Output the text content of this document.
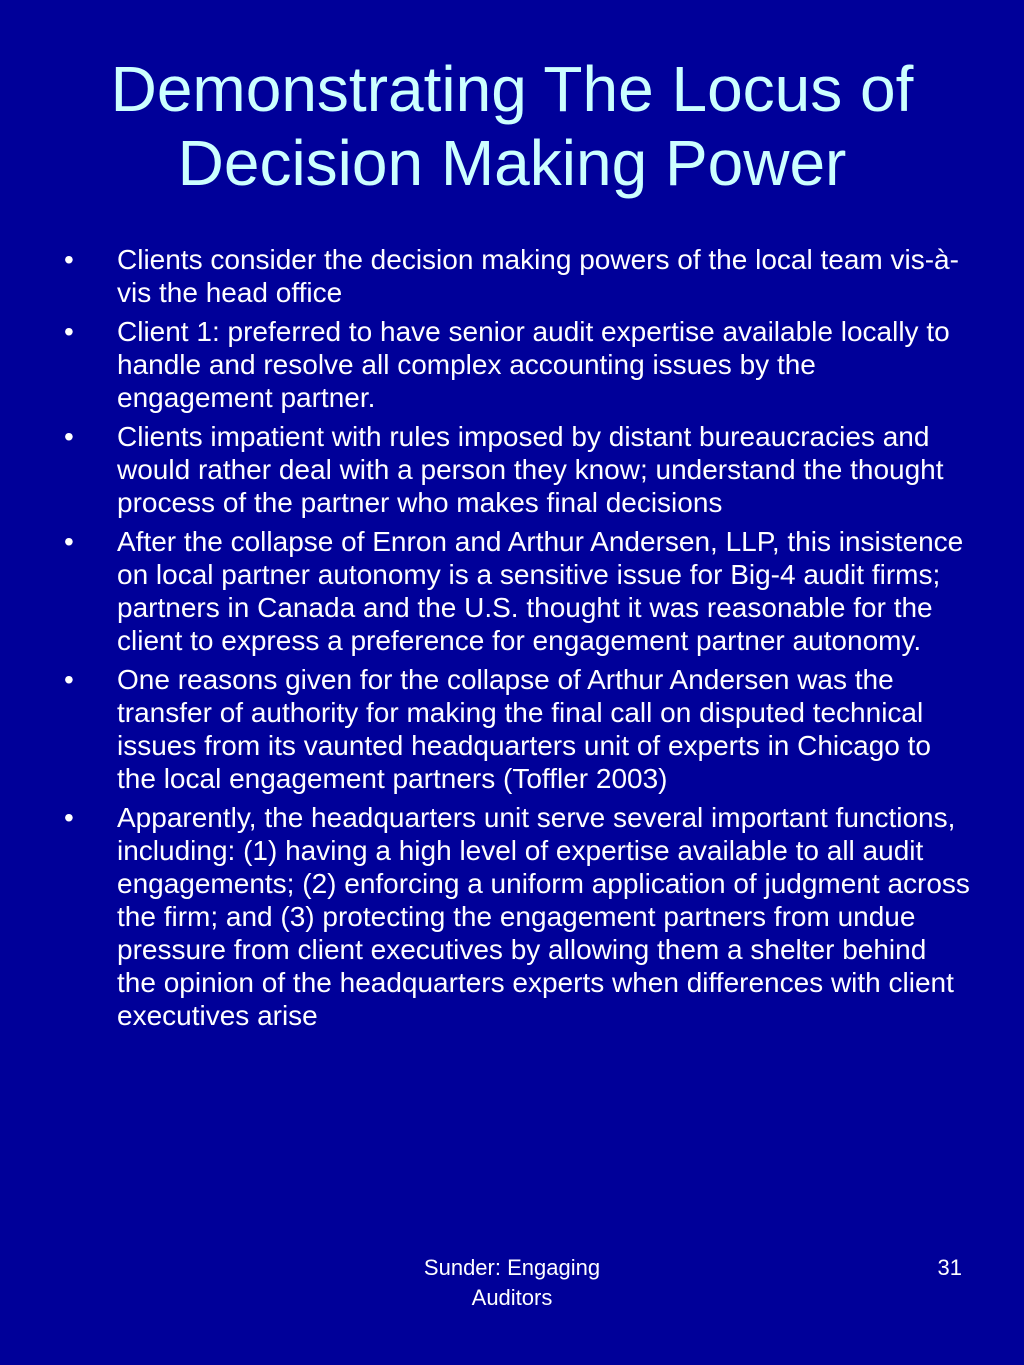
Demonstrating The Locus of Decision Making Power
• Clients consider the decision making powers of the local team vis-à-vis the head office
• Client 1: preferred to have senior audit expertise available locally to handle and resolve all complex accounting issues by the engagement partner.
• Clients impatient with rules imposed by distant bureaucracies and would rather deal with a person they know; understand the thought process of the partner who makes final decisions
• After the collapse of Enron and Arthur Andersen, LLP, this insistence on local partner autonomy is a sensitive issue for Big-4 audit firms; partners in Canada and the U.S. thought it was reasonable for the client to express a preference for engagement partner autonomy.
• One reasons given for the collapse of Arthur Andersen was the transfer of authority for making the final call on disputed technical issues from its vaunted headquarters unit of experts in Chicago to the local engagement partners (Toffler 2003)
• Apparently, the headquarters unit serve several important functions, including: (1) having a high level of expertise available to all audit engagements; (2) enforcing a uniform application of judgment across the firm; and (3) protecting the engagement partners from undue pressure from client executives by allowing them a shelter behind the opinion of the headquarters experts when differences with client executives arise
Sunder: Engaging Auditors
31
